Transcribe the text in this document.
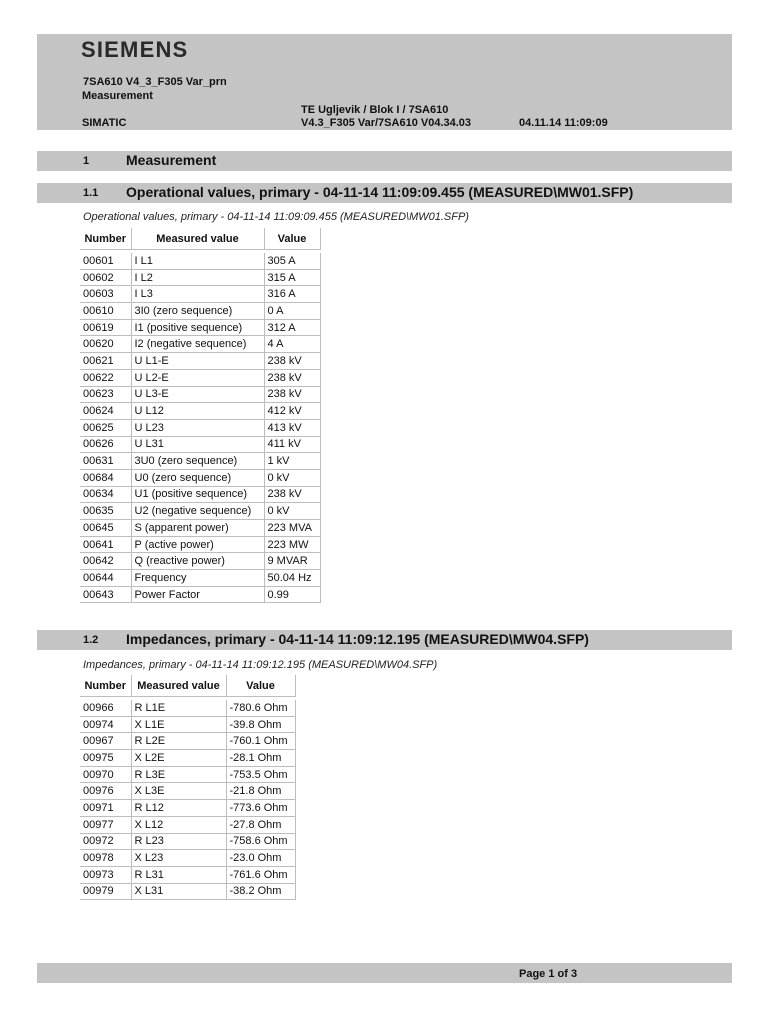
SIEMENS
7SA610 V4_3_F305 Var_prn
Measurement
TE Ugljevik / Blok I / 7SA610
SIMATIC	V4.3_F305 Var/7SA610 V04.34.03	04.11.14 11:09:09
1	Measurement
1.1 Operational values, primary - 04-11-14 11:09:09.455 (MEASURED\MW01.SFP)
Operational values, primary - 04-11-14 11:09:09.455 (MEASURED\MW01.SFP)
Number	Measured value	Value

00601	I L1	305 A
00602	I L2	315 A
00603	I L3	316 A
00610	3I0 (zero sequence)	0 A
00619	I1 (positive sequence)	312 A
00620	I2 (negative sequence)	4 A
00621	U L1-E	238 kV
00622	U L2-E	238 kV
00623	U L3-E	238 kV
00624	U L12	412 kV
00625	U L23	413 kV
00626	U L31	411 kV
00631	3U0 (zero sequence)	1 kV
00684	U0 (zero sequence)	0 kV
00634	U1 (positive sequence)	238 kV
00635	U2 (negative sequence)	0 kV
00645	S (apparent power)	223 MVA
00641	P (active power)	223 MW
00642	Q (reactive power)	9 MVAR
00644	Frequency	50.04 Hz
00643	Power Factor	0.99
1.2 Impedances, primary - 04-11-14 11:09:12.195 (MEASURED\MW04.SFP)
Impedances, primary - 04-11-14 11:09:12.195 (MEASURED\MW04.SFP)
Number	Measured value	Value

00966	R L1E	-780.6 Ohm
00974	X L1E	-39.8 Ohm
00967	R L2E	-760.1 Ohm
00975	X L2E	-28.1 Ohm
00970	R L3E	-753.5 Ohm
00976	X L3E	-21.8 Ohm
00971	R L12	-773.6 Ohm
00977	X L12	-27.8 Ohm
00972	R L23	-758.6 Ohm
00978	X L23	-23.0 Ohm
00973	R L31	-761.6 Ohm
00979	X L31	-38.2 Ohm
Page 1 of 3
